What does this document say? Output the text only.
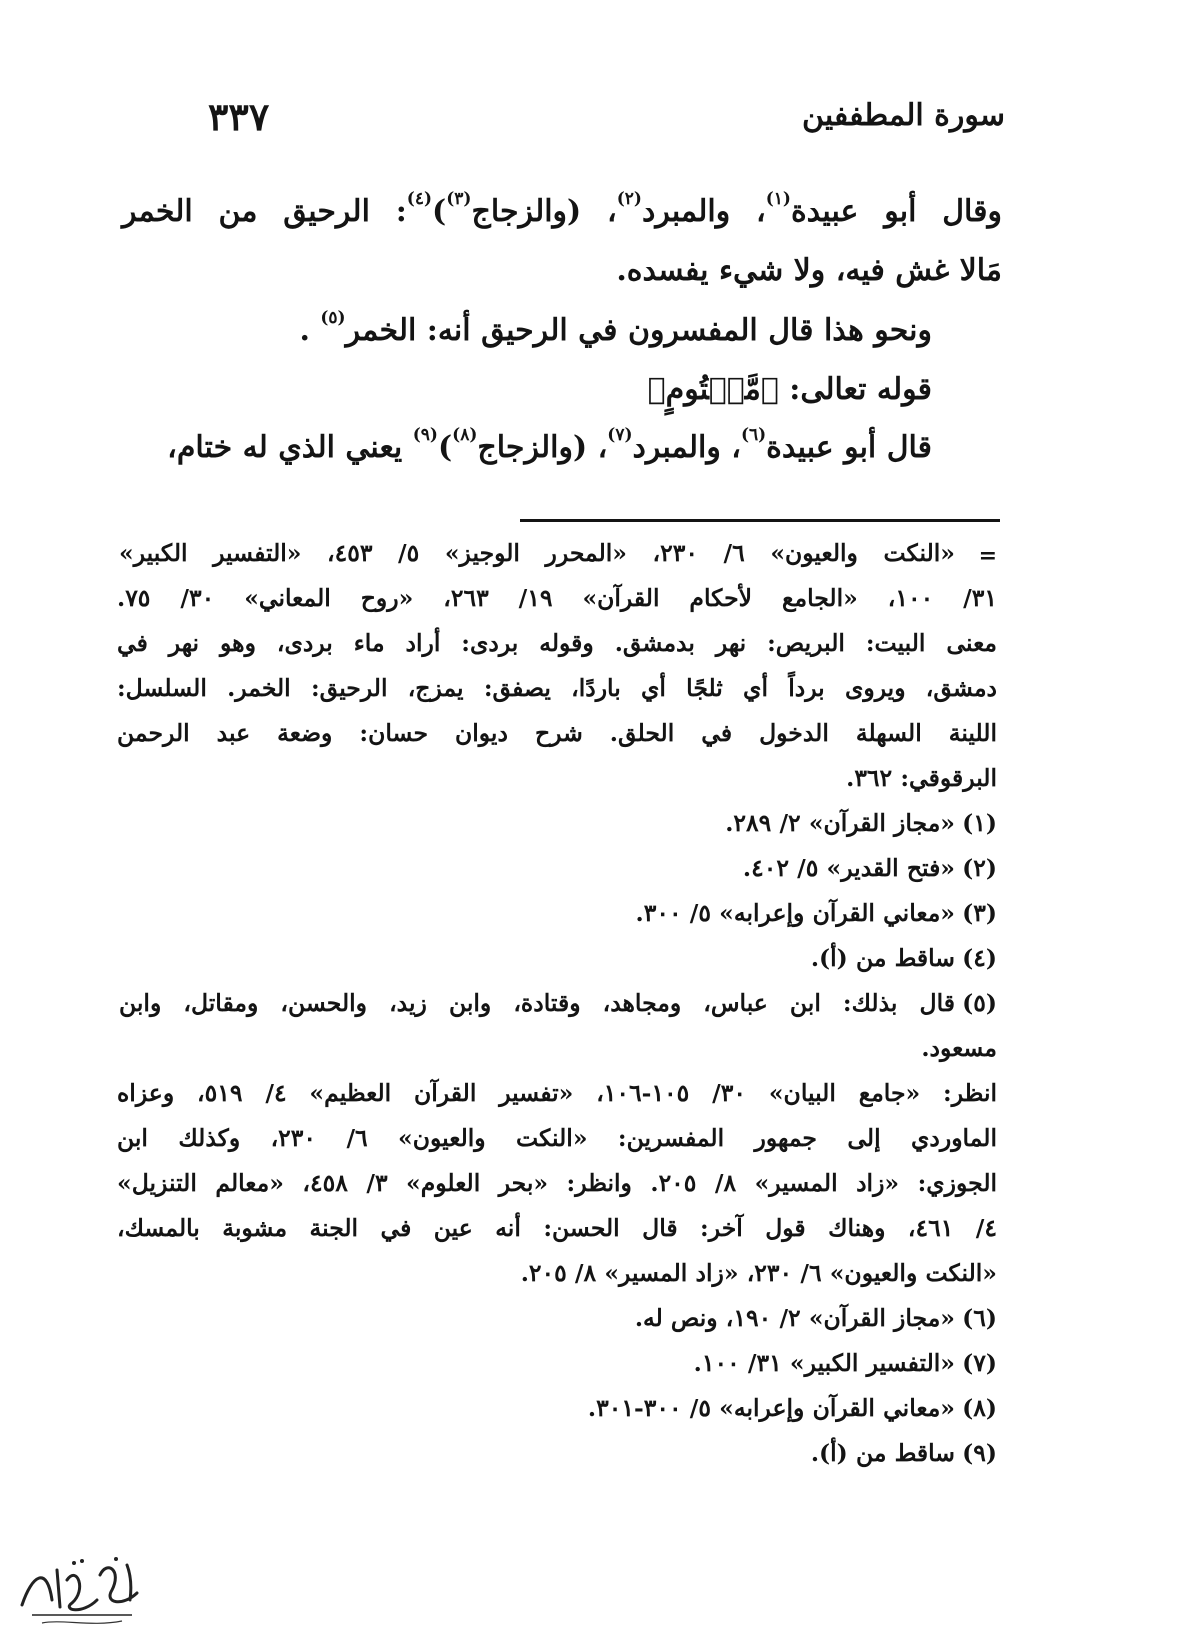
سورة المطففين
٣٣٧
وقال أبو عبيدة$^{(١)}$، والمبرد$^{(٢)}$، (والزجاج$^{(٣)}$)$^{(٤)}$: الرحيق من الخمر
مَالا غش فيه، ولا شيء يفسده.
ونحو هذا قال المفسرون في الرحيق أنه: الخمر$^{(٥)}$ .
قوله تعالى: ﴿مَّخۡتُومٍ﴾
قال أبو عبيدة$^{(٦)}$، والمبرد$^{(٧)}$، (والزجاج$^{(٨)}$)$^{(٩)}$ يعني الذي له ختام،
=
«النكت والعيون» ٦/ ٢٣٠، «المحرر الوجيز» ٥/ ٤٥٣، «التفسير الكبير»
٣١/ ١٠٠، «الجامع لأحكام القرآن» ١٩/ ٢٦٣، «روح المعاني» ٣٠/ ٧٥.
معنى البيت: البريص: نهر بدمشق. وقوله بردى: أراد ماء بردى، وهو نهر في
دمشق، ويروى برداً أي ثلجًا أي باردًا، يصفق: يمزج، الرحيق: الخمر. السلسل:
اللينة السهلة الدخول في الحلق. شرح ديوان حسان: وضعة عبد الرحمن
البرقوقي: ٣٦٢.
(١)
«مجاز القرآن» ٢/ ٢٨٩.
(٢)
«فتح القدير» ٥/ ٤٠٢.
(٣)
«معاني القرآن وإعرابه» ٥/ ٣٠٠.
(٤)
ساقط من (أ).
(٥)
قال بذلك: ابن عباس، ومجاهد، وقتادة، وابن زيد، والحسن، ومقاتل، وابن
مسعود.
انظر: «جامع البيان» ٣٠/ ١٠٥-١٠٦، «تفسير القرآن العظيم» ٤/ ٥١٩، وعزاه
الماوردي إلى جمهور المفسرين: «النكت والعيون» ٦/ ٢٣٠، وكذلك ابن
الجوزي: «زاد المسير» ٨/ ٢٠٥. وانظر: «بحر العلوم» ٣/ ٤٥٨، «معالم التنزيل»
٤/ ٤٦١، وهناك قول آخر: قال الحسن: أنه عين في الجنة مشوبة بالمسك،
«النكت والعيون» ٦/ ٢٣٠، «زاد المسير» ٨/ ٢٠٥.
(٦)
«مجاز القرآن» ٢/ ١٩٠، ونص له.
(٧)
«التفسير الكبير» ٣١/ ١٠٠.
(٨)
«معاني القرآن وإعرابه» ٥/ ٣٠٠-٣٠١.
(٩)
ساقط من (أ).
